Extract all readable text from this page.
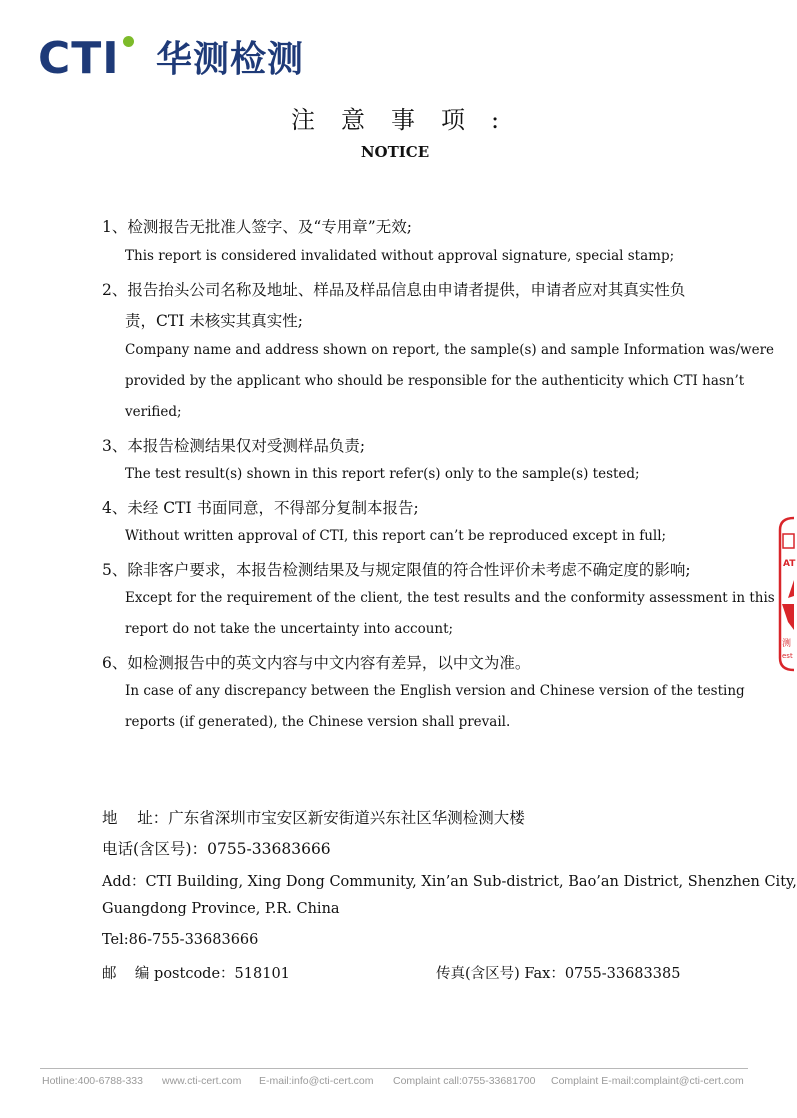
CTI 华测检测
注意事项:
NOTICE
1、检测报告无批准人签字、及“专用章”无效;
This report is considered invalidated without approval signature, special stamp;
2、报告抬头公司名称及地址、样品及样品信息由申请者提供，申请者应对其真实性负
责，CTI 未核实其真实性;
Company name and address shown on report, the sample(s) and sample Information was/were
provided by the applicant who should be responsible for the authenticity which CTI hasn’t
verified;
3、本报告检测结果仅对受测样品负责;
The test result(s) shown in this report refer(s) only to the sample(s) tested;
4、未经 CTI 书面同意，不得部分复制本报告;
Without written approval of CTI, this report can’t be reproduced except in full;
5、除非客户要求，本报告检测结果及与规定限值的符合性评价未考虑不确定度的影响;
Except for the requirement of the client, the test results and the conformity assessment in this
report do not take the uncertainty into account;
6、如检测报告中的英文内容与中文内容有差异，以中文为准。
In case of any discrepancy between the English version and Chinese version of the testing
reports (if generated), the Chinese version shall prevail.
地    址：广东省深圳市宝安区新安街道兴东社区华测检测大楼
电话(含区号)：0755-33683666
Add：CTI Building, Xing Dong Community, Xin’an Sub-district, Bao’an District, Shenzhen City,
Guangdong Province, P.R. China
Tel:86-755-33683666
邮    编 postcode：518101	传真(含区号) Fax：0755-33683385
AT
测
est
Hotline:400-6788-333 www.cti-cert.com E-mail:info@cti-cert.com Complaint call:0755-33681700 Complaint E-mail:complaint@cti-cert.com
